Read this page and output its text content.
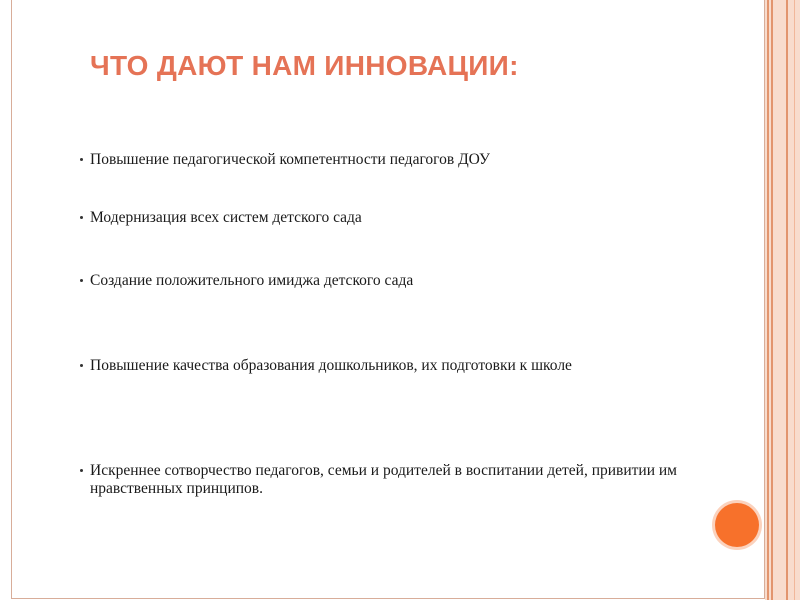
ЧТО ДАЮТ НАМ ИННОВАЦИИ:
Повышение педагогической компетентности педагогов ДОУ
Модернизация всех систем детского сада
Создание положительного имиджа детского сада
Повышение качества образования дошкольников, их подготовки к школе
Искреннее сотворчество педагогов, семьи и родителей в воспитании детей, привитии им нравственных принципов.
